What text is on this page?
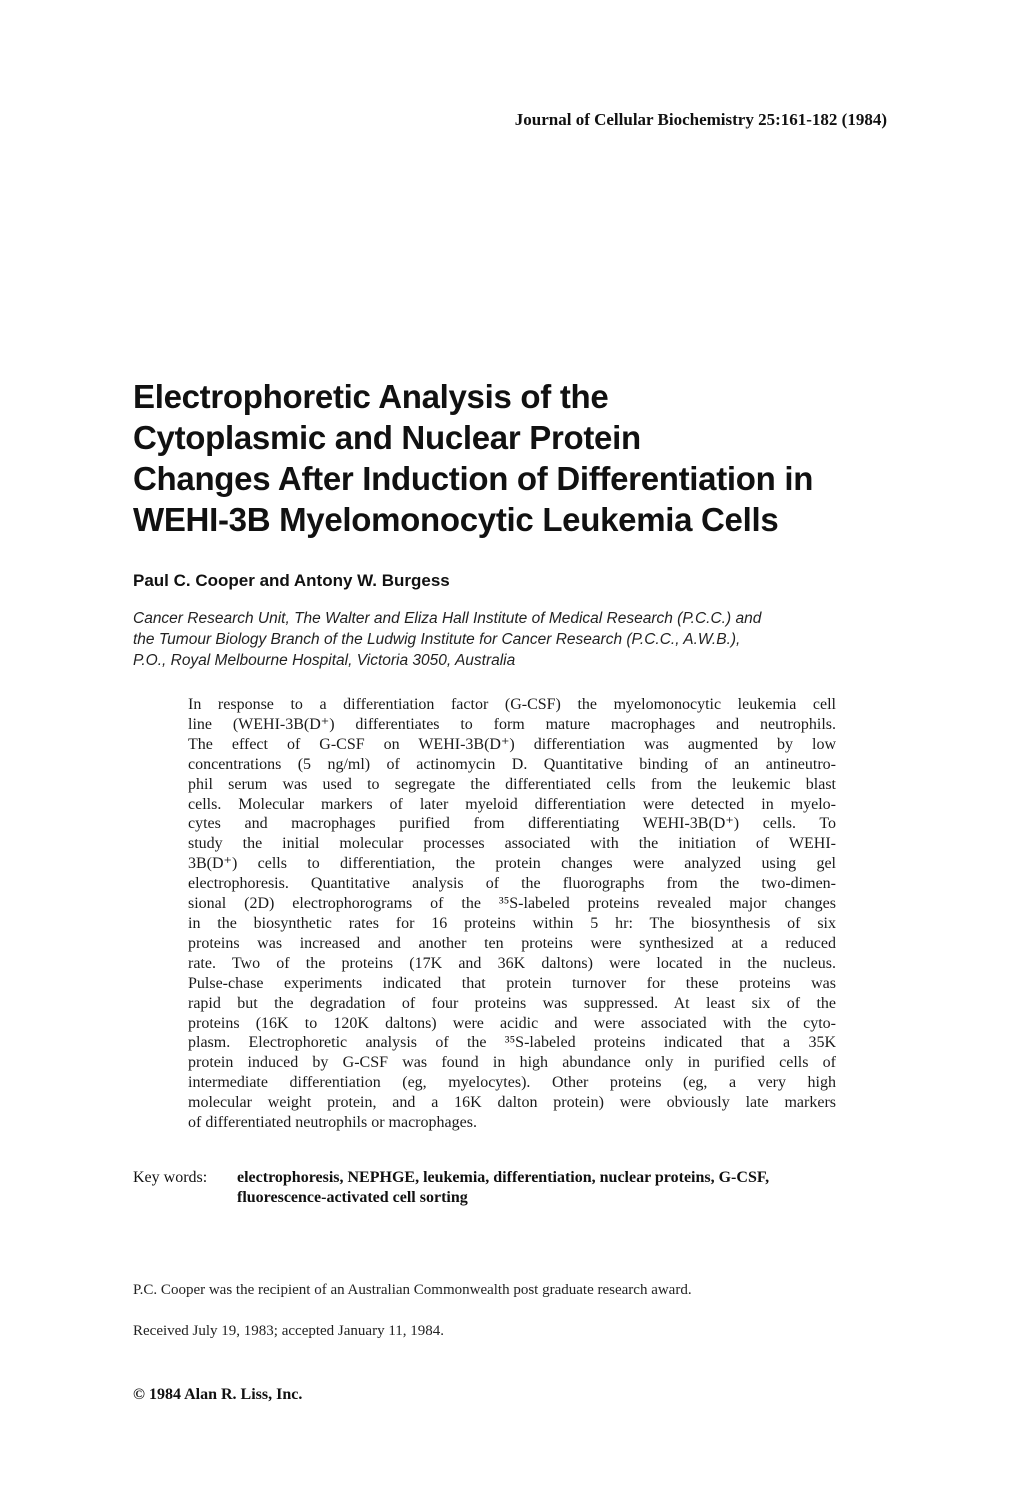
Journal of Cellular Biochemistry 25:161-182 (1984)
Electrophoretic Analysis of the
Cytoplasmic and Nuclear Protein
Changes After Induction of Differentiation in
WEHI-3B Myelomonocytic Leukemia Cells
Paul C. Cooper and Antony W. Burgess
Cancer Research Unit, The Walter and Eliza Hall Institute of Medical Research (P.C.C.) and
the Tumour Biology Branch of the Ludwig Institute for Cancer Research (P.C.C., A.W.B.),
P.O., Royal Melbourne Hospital, Victoria 3050, Australia
In response to a differentiation factor (G-CSF) the myelomonocytic leukemia cell
line (WEHI-3B(D⁺) differentiates to form mature macrophages and neutrophils.
The effect of G-CSF on WEHI-3B(D⁺) differentiation was augmented by low
concentrations (5 ng/ml) of actinomycin D. Quantitative binding of an antineutro-
phil serum was used to segregate the differentiated cells from the leukemic blast
cells. Molecular markers of later myeloid differentiation were detected in myelo-
cytes and macrophages purified from differentiating WEHI-3B(D⁺) cells. To
study the initial molecular processes associated with the initiation of WEHI-
3B(D⁺) cells to differentiation, the protein changes were analyzed using gel
electrophoresis. Quantitative analysis of the fluorographs from the two-dimen-
sional (2D) electrophorograms of the ³⁵S-labeled proteins revealed major changes
in the biosynthetic rates for 16 proteins within 5 hr: The biosynthesis of six
proteins was increased and another ten proteins were synthesized at a reduced
rate. Two of the proteins (17K and 36K daltons) were located in the nucleus.
Pulse-chase experiments indicated that protein turnover for these proteins was
rapid but the degradation of four proteins was suppressed. At least six of the
proteins (16K to 120K daltons) were acidic and were associated with the cyto-
plasm. Electrophoretic analysis of the ³⁵S-labeled proteins indicated that a 35K
protein induced by G-CSF was found in high abundance only in purified cells of
intermediate differentiation (eg, myelocytes). Other proteins (eg, a very high
molecular weight protein, and a 16K dalton protein) were obviously late markers
of differentiated neutrophils or macrophages.
Key words:	electrophoresis, NEPHGE, leukemia, differentiation, nuclear proteins, G-CSF,
fluorescence-activated cell sorting
P.C. Cooper was the recipient of an Australian Commonwealth post graduate research award.
Received July 19, 1983; accepted January 11, 1984.
© 1984 Alan R. Liss, Inc.
